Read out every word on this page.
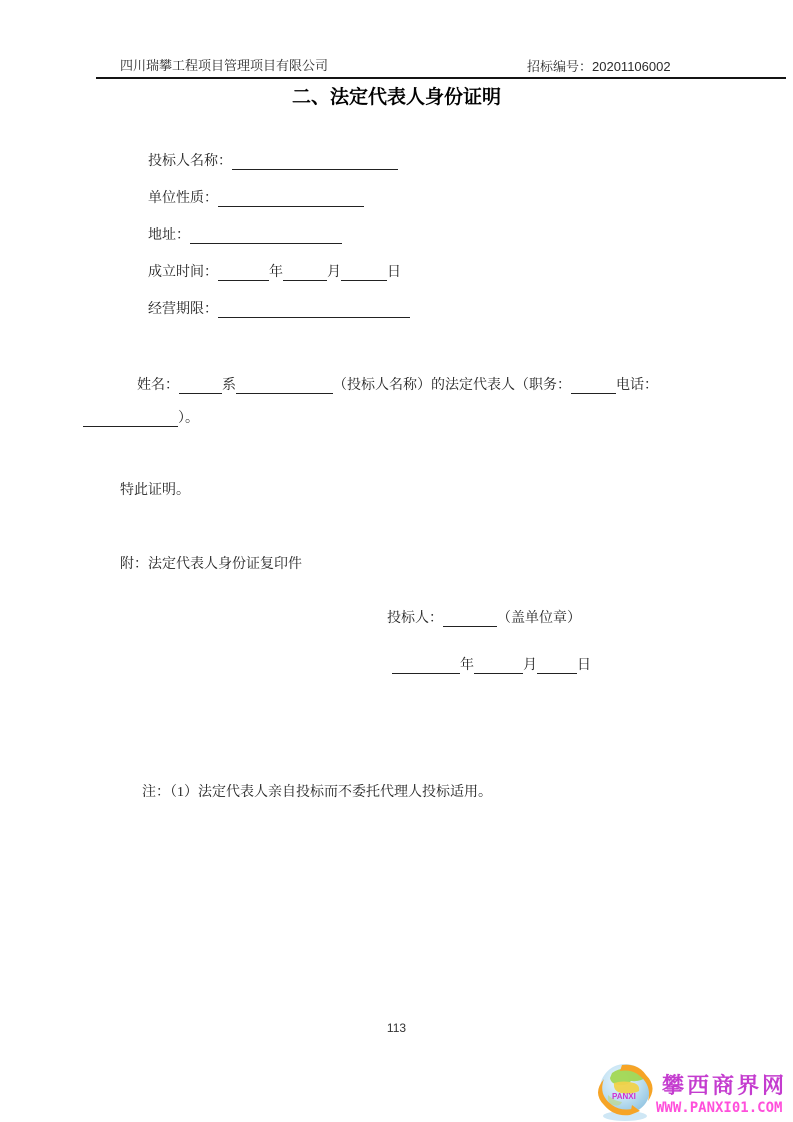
四川瑞攀工程项目管理项目有限公司	招标编号：20201106002
二、法定代表人身份证明
投标人名称：
单位性质：
地址：
成立时间：	年	月	日
经营期限：
姓名：	系	（投标人名称）的法定代表人（职务：	电话：
）。
特此证明。
附：法定代表人身份证复印件
投标人：	（盖单位章）
年	月	日
注：（1）法定代表人亲自投标而不委托代理人投标适用。
113
PANXI 攀西商界网
WWW.PANXI01.COM
